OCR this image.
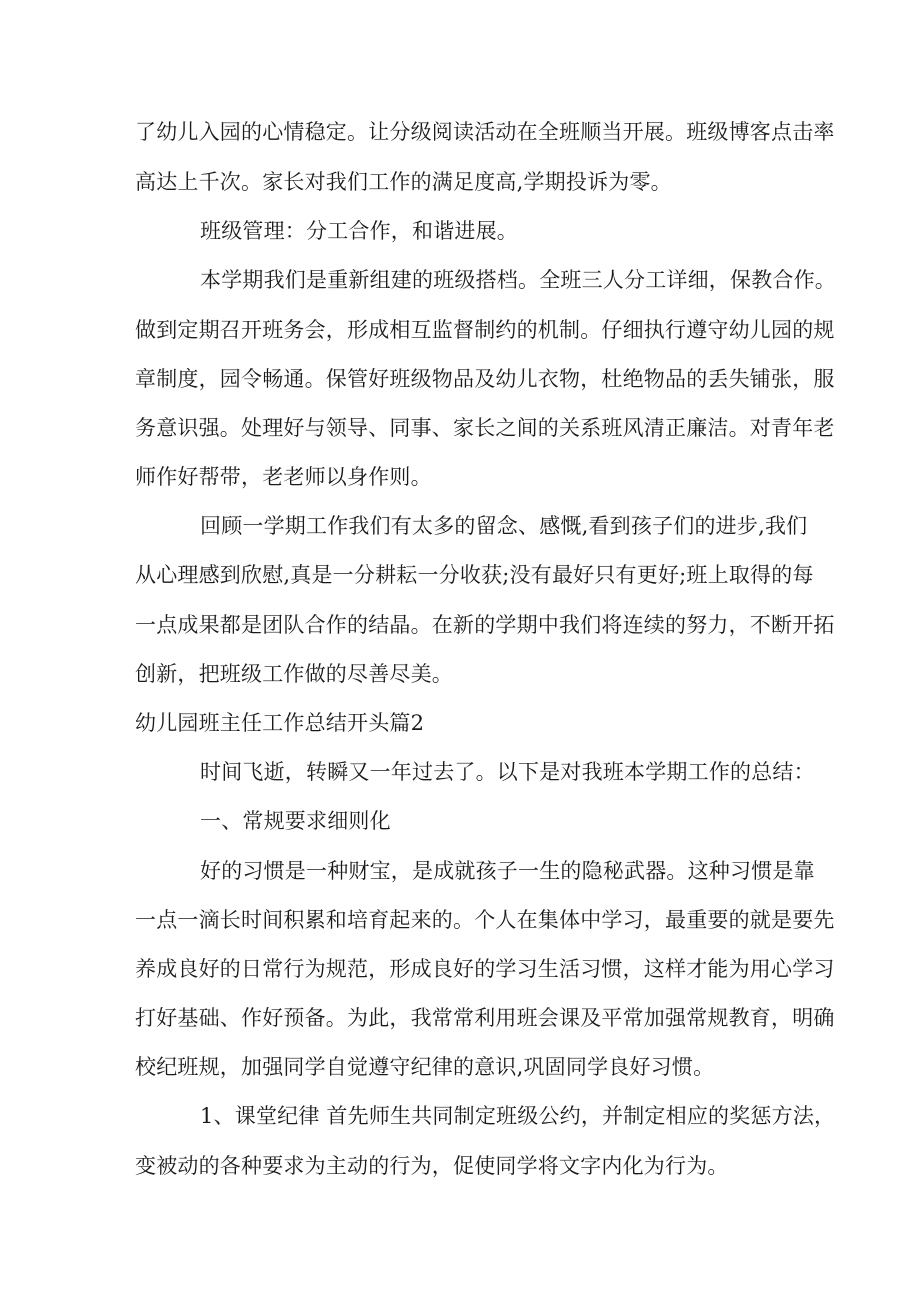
了幼儿入园的心情稳定。让分级阅读活动在全班顺当开展。班级博客点击率
高达上千次。家长对我们工作的满足度高,学期投诉为零。
班级管理：分工合作，和谐进展。
本学期我们是重新组建的班级搭档。全班三人分工详细，保教合作。
做到定期召开班务会，形成相互监督制约的机制。仔细执行遵守幼儿园的规
章制度，园令畅通。保管好班级物品及幼儿衣物，杜绝物品的丢失铺张，服
务意识强。处理好与领导、同事、家长之间的关系班风清正廉洁。对青年老
师作好帮带，老老师以身作则。
回顾一学期工作我们有太多的留念、感慨,看到孩子们的进步,我们
从心理感到欣慰,真是一分耕耘一分收获;没有最好只有更好;班上取得的每
一点成果都是团队合作的结晶。在新的学期中我们将连续的努力，不断开拓
创新，把班级工作做的尽善尽美。
幼儿园班主任工作总结开头篇2
时间飞逝，转瞬又一年过去了。以下是对我班本学期工作的总结：
一、常规要求细则化
好的习惯是一种财宝，是成就孩子一生的隐秘武器。这种习惯是靠
一点一滴长时间积累和培育起来的。个人在集体中学习，最重要的就是要先
养成良好的日常行为规范，形成良好的学习生活习惯，这样才能为用心学习
打好基础、作好预备。为此，我常常利用班会课及平常加强常规教育，明确
校纪班规，加强同学自觉遵守纪律的意识,巩固同学良好习惯。
1、课堂纪律 首先师生共同制定班级公约，并制定相应的奖惩方法，
变被动的各种要求为主动的行为，促使同学将文字内化为行为。
